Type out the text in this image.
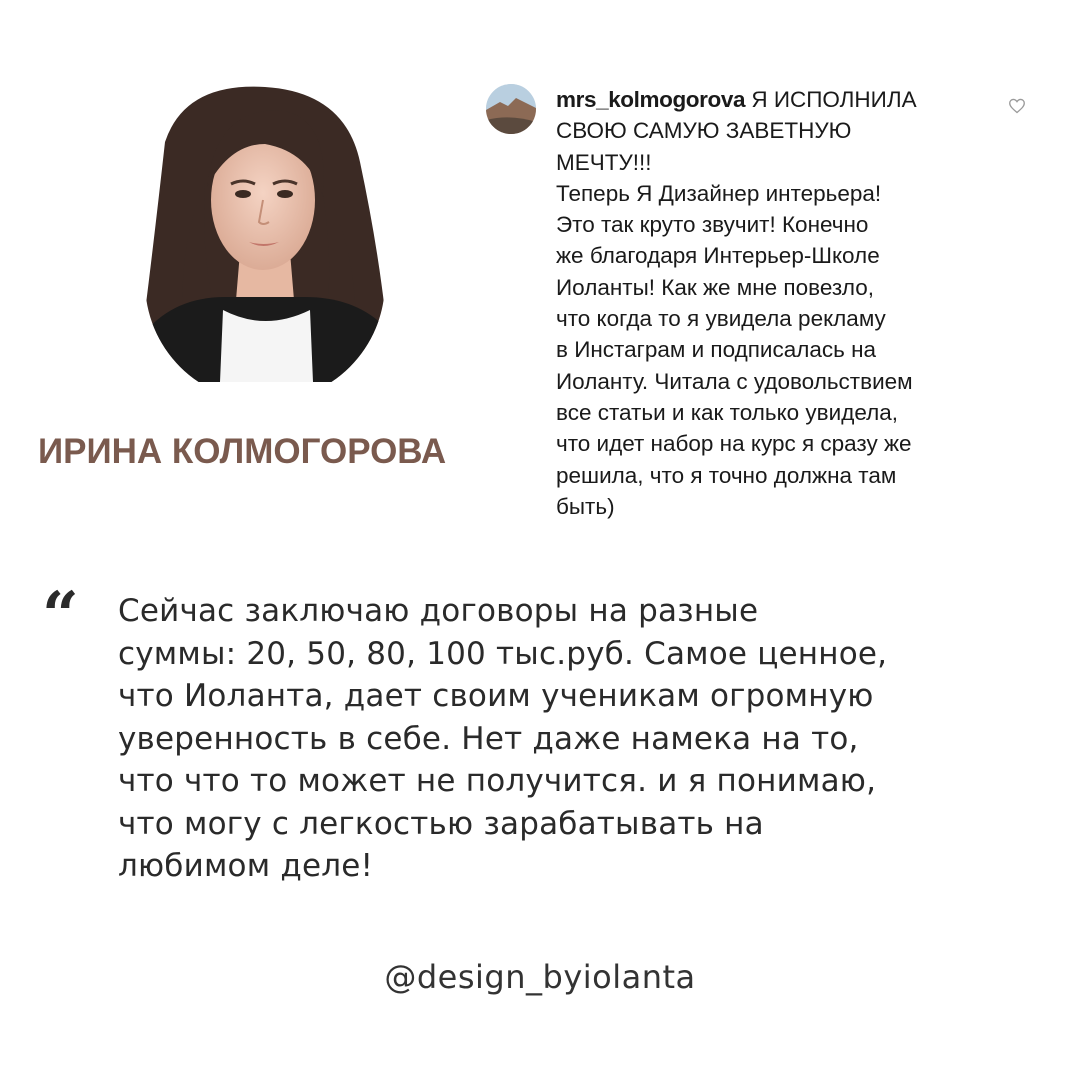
ИРИНА КОЛМОГОРОВА
mrs_kolmogorova Я ИСПОЛНИЛА
СВОЮ САМУЮ ЗАВЕТНУЮ
МЕЧТУ!!!
Теперь Я Дизайнер интерьера!
Это так круто звучит! Конечно
же благодаря Интерьер-Школе
Иоланты! Как же мне повезло,
что когда то я увидела рекламу
в Инстаграм и подписалась на
Иоланту. Читала с удовольствием
все статьи и как только увидела,
что идет набор на курс я сразу же
решила, что я точно должна там
быть)
“	Сейчас заключаю договоры на разные
суммы: 20, 50, 80, 100 тыс.руб. Самое ценное,
что Иоланта, дает своим ученикам огромную
уверенность в себе. Нет даже намека на то,
что что то может не получится. и я понимаю,
что могу с легкостью зарабатывать на
любимом деле!
@design_byiolanta
